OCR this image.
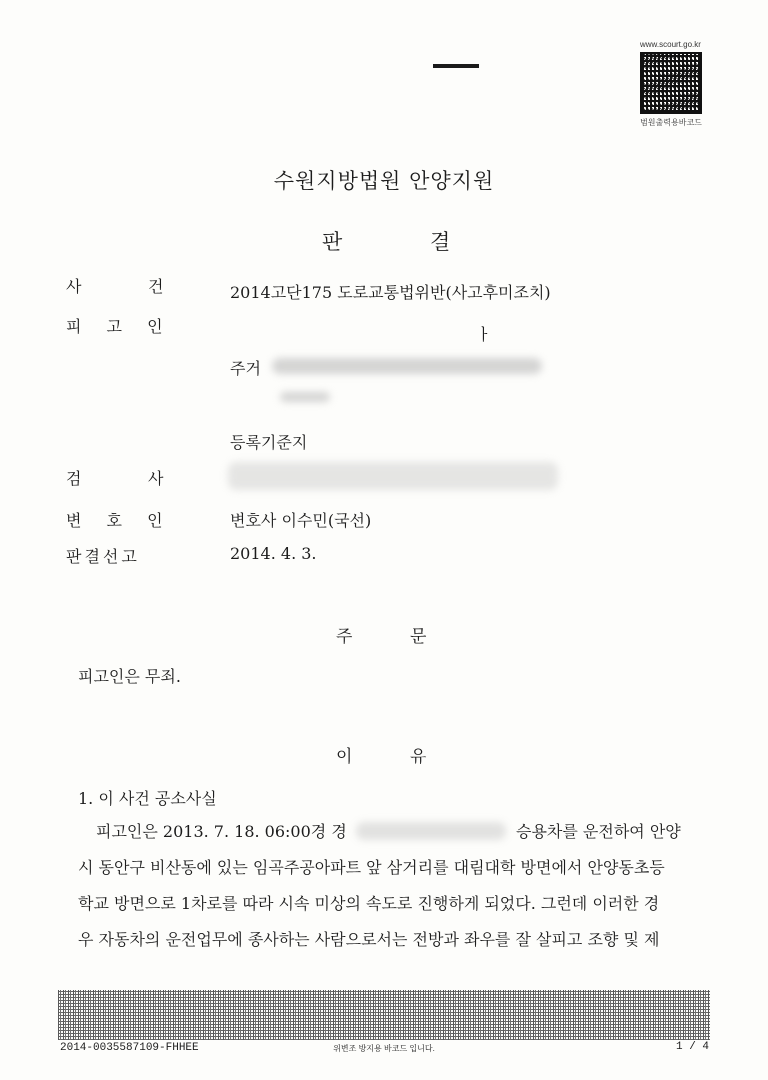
www.scourt.go.kr
범원출력용바코드
수원지방법원 안양지원
판	결
사	건	2014고단175 도로교통법위반(사고후미조치)
피 고 인	ㅏ
주거
등록기준지
검	사
변 호 인	변호사 이수민(국선)
판결선고	2014. 4. 3.
주	문
피고인은 무죄.
이	유
1. 이 사건 공소사실
피고인은 2013. 7. 18. 06:00경 경	승용차를 운전하여 안양
시 동안구 비산동에 있는 임곡주공아파트 앞 삼거리를 대림대학 방면에서 안양동초등
학교 방면으로 1차로를 따라 시속 미상의 속도로 진행하게 되었다. 그런데 이러한 경
우 자동차의 운전업무에 종사하는 사람으로서는 전방과 좌우를 잘 살피고 조향 및 제
2014-0035587109-FHHEE	위변조 방지용 바코드 입니다.	1 / 4
